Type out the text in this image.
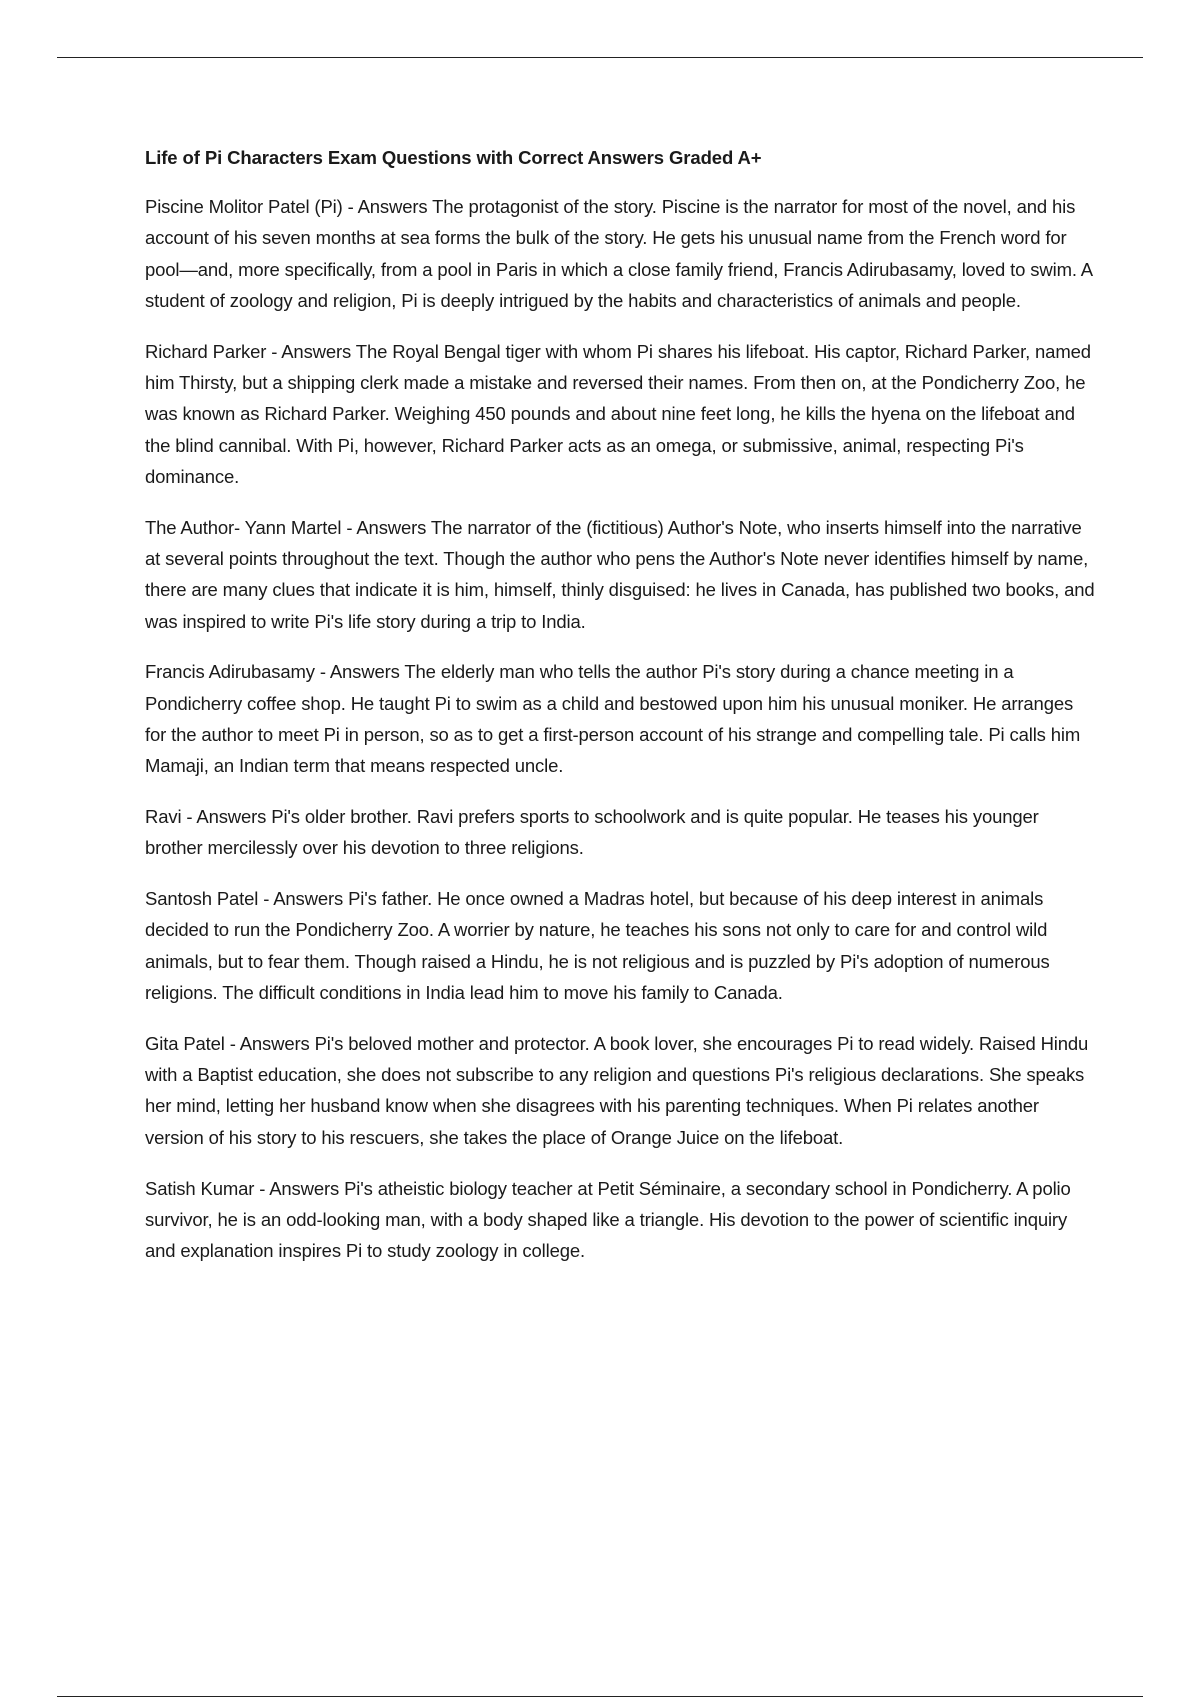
Life of Pi Characters Exam Questions with Correct Answers Graded A+

Piscine Molitor Patel (Pi) - Answers The protagonist of the story. Piscine is the narrator for most of the novel, and his account of his seven months at sea forms the bulk of the story. He gets his unusual name from the French word for pool—and, more specifically, from a pool in Paris in which a close family friend, Francis Adirubasamy, loved to swim. A student of zoology and religion, Pi is deeply intrigued by the habits and characteristics of animals and people.

Richard Parker - Answers The Royal Bengal tiger with whom Pi shares his lifeboat. His captor, Richard Parker, named him Thirsty, but a shipping clerk made a mistake and reversed their names. From then on, at the Pondicherry Zoo, he was known as Richard Parker. Weighing 450 pounds and about nine feet long, he kills the hyena on the lifeboat and the blind cannibal. With Pi, however, Richard Parker acts as an omega, or submissive, animal, respecting Pi's dominance.

The Author- Yann Martel - Answers The narrator of the (fictitious) Author's Note, who inserts himself into the narrative at several points throughout the text. Though the author who pens the Author's Note never identifies himself by name, there are many clues that indicate it is him, himself, thinly disguised: he lives in Canada, has published two books, and was inspired to write Pi's life story during a trip to India.

Francis Adirubasamy - Answers The elderly man who tells the author Pi's story during a chance meeting in a Pondicherry coffee shop. He taught Pi to swim as a child and bestowed upon him his unusual moniker. He arranges for the author to meet Pi in person, so as to get a first-person account of his strange and compelling tale. Pi calls him Mamaji, an Indian term that means respected uncle.

Ravi - Answers Pi's older brother. Ravi prefers sports to schoolwork and is quite popular. He teases his younger brother mercilessly over his devotion to three religions.

Santosh Patel - Answers Pi's father. He once owned a Madras hotel, but because of his deep interest in animals decided to run the Pondicherry Zoo. A worrier by nature, he teaches his sons not only to care for and control wild animals, but to fear them. Though raised a Hindu, he is not religious and is puzzled by Pi's adoption of numerous religions. The difficult conditions in India lead him to move his family to Canada.

Gita Patel - Answers Pi's beloved mother and protector. A book lover, she encourages Pi to read widely. Raised Hindu with a Baptist education, she does not subscribe to any religion and questions Pi's religious declarations. She speaks her mind, letting her husband know when she disagrees with his parenting techniques. When Pi relates another version of his story to his rescuers, she takes the place of Orange Juice on the lifeboat.

Satish Kumar - Answers Pi's atheistic biology teacher at Petit Séminaire, a secondary school in Pondicherry. A polio survivor, he is an odd-looking man, with a body shaped like a triangle. His devotion to the power of scientific inquiry and explanation inspires Pi to study zoology in college.
